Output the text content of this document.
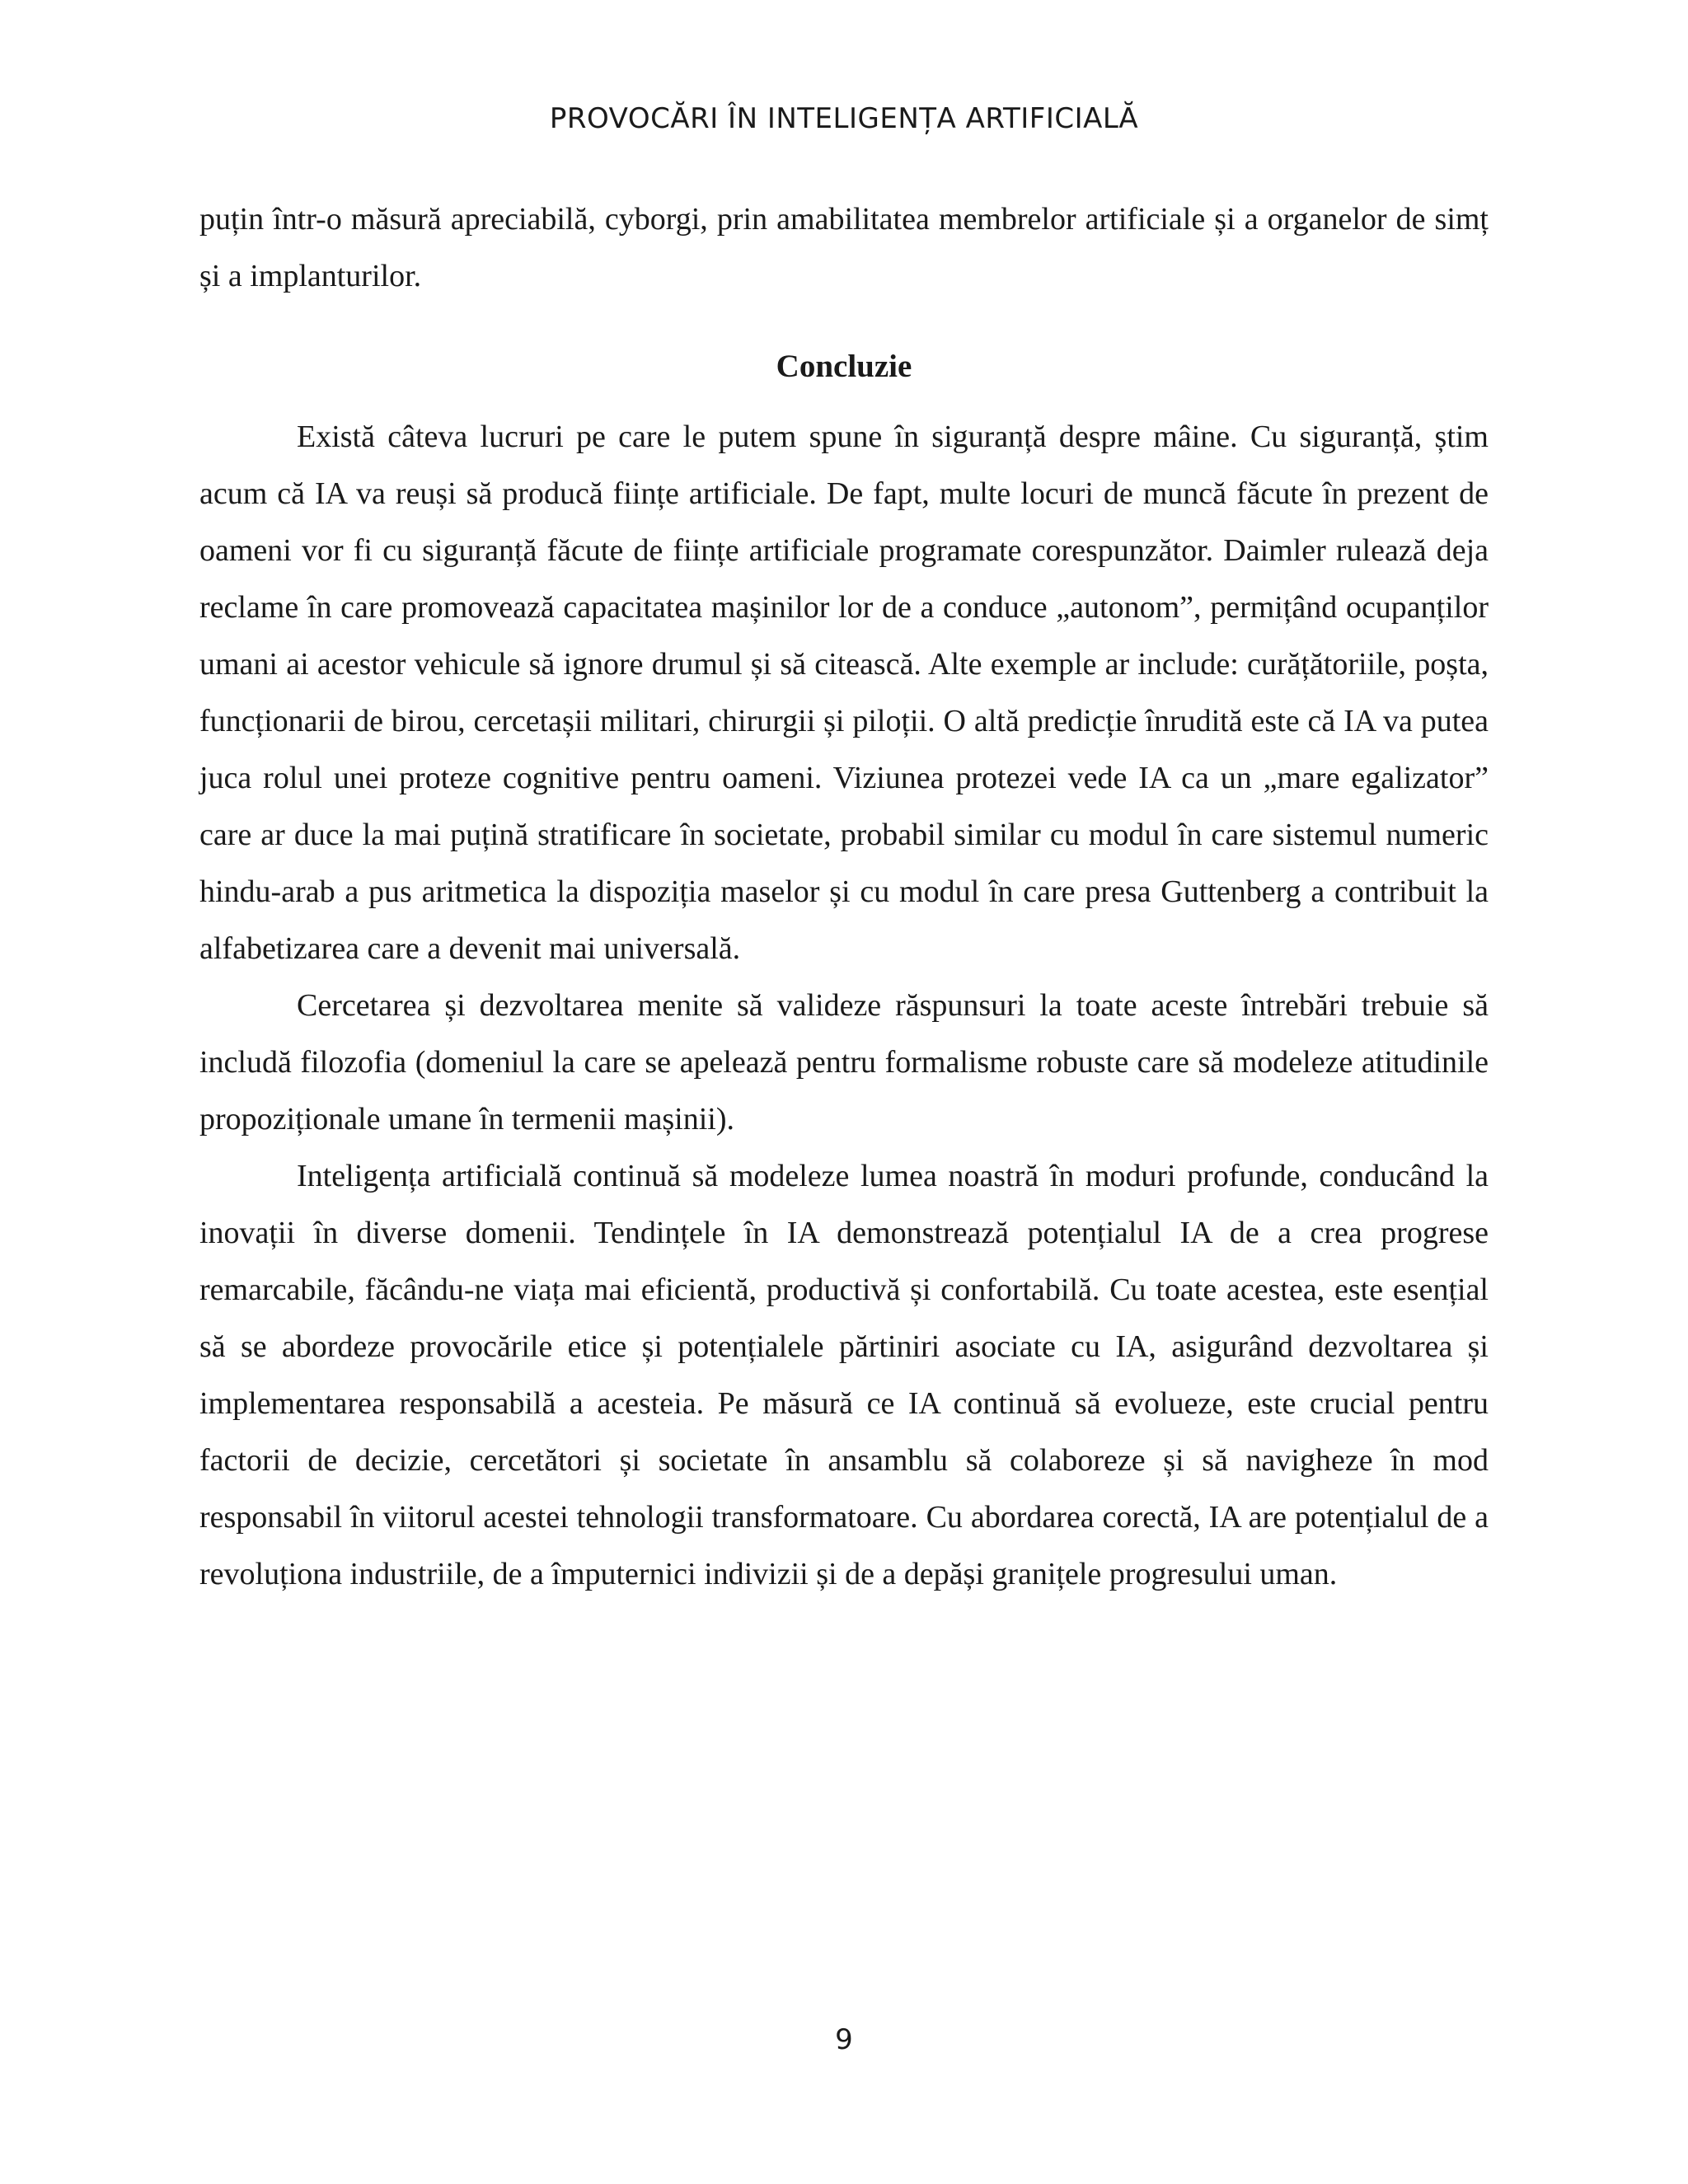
PROVOCĂRI ÎN INTELIGENȚA ARTIFICIALĂ

puțin într-o măsură apreciabilă, cyborgi, prin amabilitatea membrelor artificiale și a organelor de simț și a implanturilor.

Concluzie

Există câteva lucruri pe care le putem spune în siguranță despre mâine. Cu siguranță, știm acum că IA va reuși să producă ființe artificiale. De fapt, multe locuri de muncă făcute în prezent de oameni vor fi cu siguranță făcute de ființe artificiale programate corespunzător. Daimler rulează deja reclame în care promovează capacitatea mașinilor lor de a conduce „autonom”, permițând ocupanților umani ai acestor vehicule să ignore drumul și să citească. Alte exemple ar include: curățătoriile, poșta, funcționarii de birou, cercetașii militari, chirurgii și piloții. O altă predicție înrudită este că IA va putea juca rolul unei proteze cognitive pentru oameni. Viziunea protezei vede IA ca un „mare egalizator” care ar duce la mai puțină stratificare în societate, probabil similar cu modul în care sistemul numeric hindu-arab a pus aritmetica la dispoziția maselor și cu modul în care presa Guttenberg a contribuit la alfabetizarea care a devenit mai universală.

Cercetarea și dezvoltarea menite să valideze răspunsuri la toate aceste întrebări trebuie să includă filozofia (domeniul la care se apelează pentru formalisme robuste care să modeleze atitudinile propoziționale umane în termenii mașinii).

Inteligența artificială continuă să modeleze lumea noastră în moduri profunde, conducând la inovații în diverse domenii. Tendințele în IA demonstrează potențialul IA de a crea progrese remarcabile, făcându-ne viața mai eficientă, productivă și confortabilă. Cu toate acestea, este esențial să se abordeze provocările etice și potențialele părtiniri asociate cu IA, asigurând dezvoltarea și implementarea responsabilă a acesteia. Pe măsură ce IA continuă să evolueze, este crucial pentru factorii de decizie, cercetători și societate în ansamblu să colaboreze și să navigheze în mod responsabil în viitorul acestei tehnologii transformatoare. Cu abordarea corectă, IA are potențialul de a revoluționa industriile, de a împuternici indivizii și de a depăși granițele progresului uman.

9
